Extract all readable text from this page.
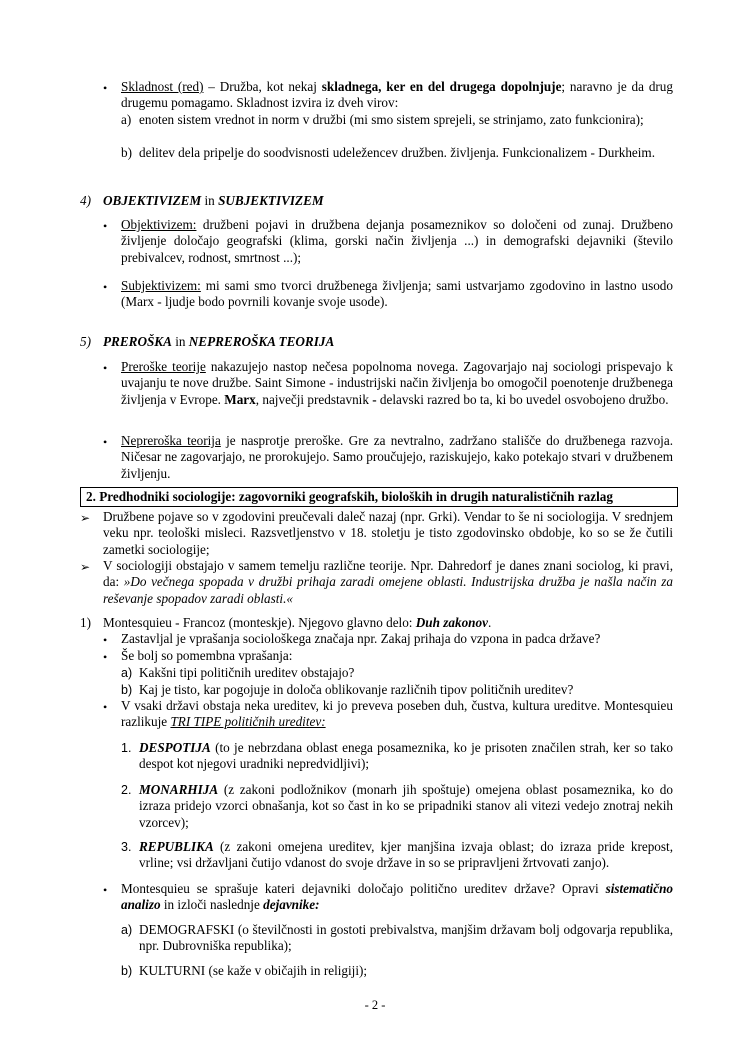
• Skladnost (red) – Družba, kot nekaj skladnega, ker en del drugega dopolnjuje; naravno je da drug drugemu pomagamo. Skladnost izvira iz dveh virov:
a) enoten sistem vrednot in norm v družbi (mi smo sistem sprejeli, se strinjamo, zato funkcionira);
b) delitev dela pripelje do soodvisnosti udeležencev družben. življenja. Funkcionalizem - Durkheim.
4) OBJEKTIVIZEM in SUBJEKTIVIZEM
• Objektivizem: družbeni pojavi in družbena dejanja posameznikov so določeni od zunaj. Družbeno življenje določajo geografski (klima, gorski način življenja ...) in demografski dejavniki (število prebivalcev, rodnost, smrtnost ...);
• Subjektivizem: mi sami smo tvorci družbenega življenja; sami ustvarjamo zgodovino in lastno usodo (Marx - ljudje bodo povrnili kovanje svoje usode).
5) PREROŠKA in NEPREROŠKA TEORIJA
• Preroške teorije nakazujejo nastop nečesa popolnoma novega. Zagovarjajo naj sociologi prispevajo k uvajanju te nove družbe. Saint Simone - industrijski način življenja bo omogočil poenotenje družbenega življenja v Evrope. Marx, največji predstavnik - delavski razred bo ta, ki bo uvedel osvobojeno družbo.
• Nepreroška teorija je nasprotje preroške. Gre za nevtralno, zadržano stališče do družbenega razvoja. Ničesar ne zagovarjajo, ne prorokujejo. Samo proučujejo, raziskujejo, kako potekajo stvari v družbenem življenju.
2. Predhodniki sociologije: zagovorniki geografskih, bioloških in drugih naturalističnih razlag
➢ Družbene pojave so v zgodovini preučevali daleč nazaj (npr. Grki). Vendar to še ni sociologija. V srednjem veku npr. teološki misleci. Razsvetljenstvo v 18. stoletju je tisto zgodovinsko obdobje, ko so se že čutili zametki sociologije;
➢ V sociologiji obstajajo v samem temelju različne teorije. Npr. Dahredorf je danes znani sociolog, ki pravi, da: »Do večnega spopada v družbi prihaja zaradi omejene oblasti. Industrijska družba je našla način za reševanje spopadov zaradi oblasti.«
1) Montesquieu - Francoz (monteskje). Njegovo glavno delo: Duh zakonov.
• Zastavljal je vprašanja sociološkega značaja npr. Zakaj prihaja do vzpona in padca države?
• Še bolj so pomembna vprašanja:
a) Kakšni tipi političnih ureditev obstajajo?
b) Kaj je tisto, kar pogojuje in določa oblikovanje različnih tipov političnih ureditev?
• V vsaki državi obstaja neka ureditev, ki jo preveva poseben duh, čustva, kultura ureditve. Montesquieu razlikuje TRI TIPE političnih ureditev:
1. DESPOTIJA (to je nebrzdana oblast enega posameznika, ko je prisoten značilen strah, ker so tako despot kot njegovi uradniki nepredvidljivi);
2. MONARHIJA (z zakoni podložnikov (monarh jih spoštuje) omejena oblast posameznika, ko do izraza pridejo vzorci obnašanja, kot so čast in ko se pripadniki stanov ali vitezi vedejo znotraj nekih vzorcev);
3. REPUBLIKA (z zakoni omejena ureditev, kjer manjšina izvaja oblast; do izraza pride krepost, vrline; vsi državljani čutijo vdanost do svoje države in so se pripravljeni žrtvovati zanjo).
• Montesquieu se sprašuje kateri dejavniki določajo politično ureditev države? Opravi sistematično analizo in izloči naslednje dejavnike:
a) DEMOGRAFSKI (o številčnosti in gostoti prebivalstva, manjšim državam bolj odgovarja republika, npr. Dubrovniška republika);
b) KULTURNI (se kaže v običajih in religiji);
- 2 -
